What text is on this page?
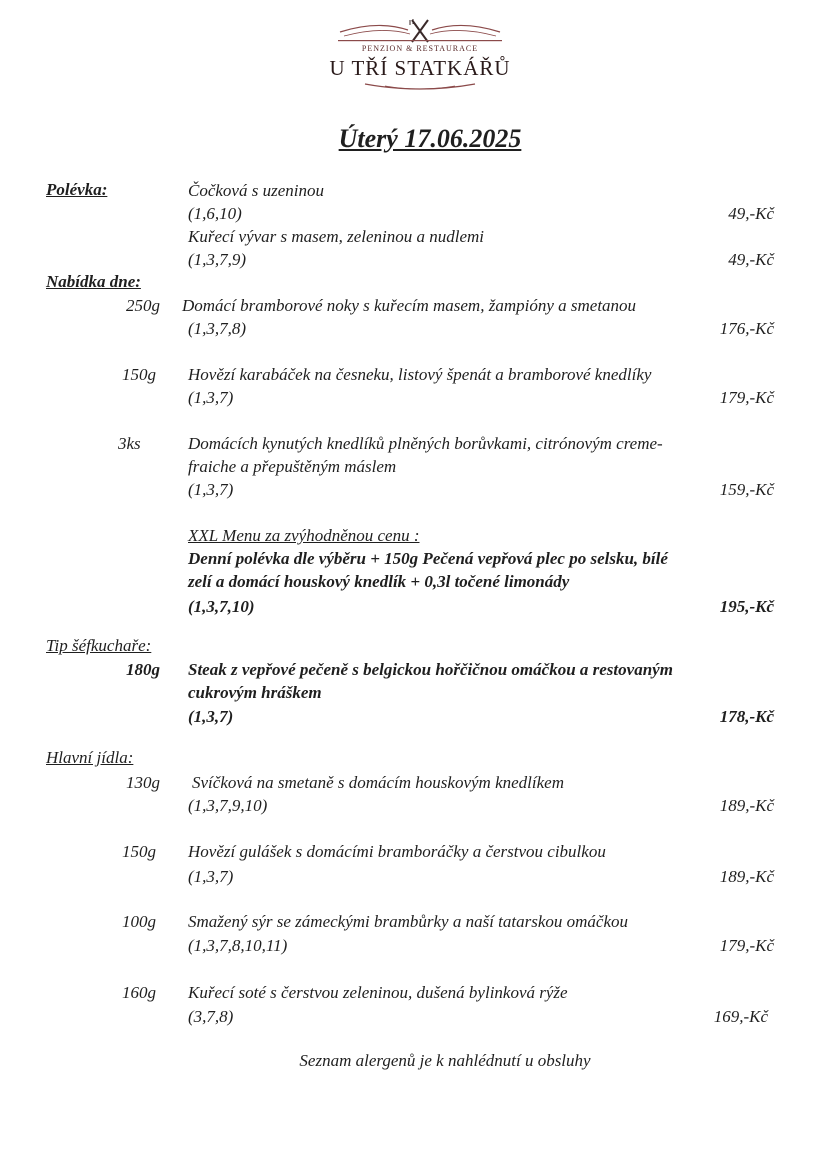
PENZION & RESTAURACE
U TŘÍ STATKÁŘŮ
Úterý 17.06.2025
Polévka:	Čočková s uzeninou
(1,6,10)	49,-Kč
Kuřecí vývar s masem, zeleninou a nudlemi
(1,3,7,9)	49,-Kč
Nabídka dne:
250g Domácí bramborové noky s kuřecím masem, žampióny a smetanou
(1,3,7,8)	176,-Kč
150g Hovězí karabáček na česneku, listový špenát a bramborové knedlíky
(1,3,7)	179,-Kč
3ks	Domácích kynutých knedlíků plněných borůvkami, citrónovým creme-
fraiche a přepuštěným máslem
(1,3,7)	159,-Kč
XXL Menu za zvýhodněnou cenu :
Denní polévka dle výběru + 150g Pečená vepřová plec po selsku, bílé
zelí a domácí houskový knedlík + 0,3l točené limonády
(1,3,7,10)	195,-Kč
Tip šéfkuchaře:
180g Steak z vepřové pečeně s belgickou hořčičnou omáčkou a restovaným
cukrovým hráškem
(1,3,7)	178,-Kč
Hlavní jídla:
130g Svíčková na smetaně s domácím houskovým knedlíkem
(1,3,7,9,10)	189,-Kč
150g Hovězí gulášek s domácími bramboráčky a čerstvou cibulkou
(1,3,7)	189,-Kč
100g Smažený sýr se zámeckými brambůrky a naší tatarskou omáčkou
(1,3,7,8,10,11)	179,-Kč
160g Kuřecí soté s čerstvou zeleninou, dušená bylinková rýže
(3,7,8)	169,-Kč
Seznam alergenů je k nahlédnutí u obsluhy
